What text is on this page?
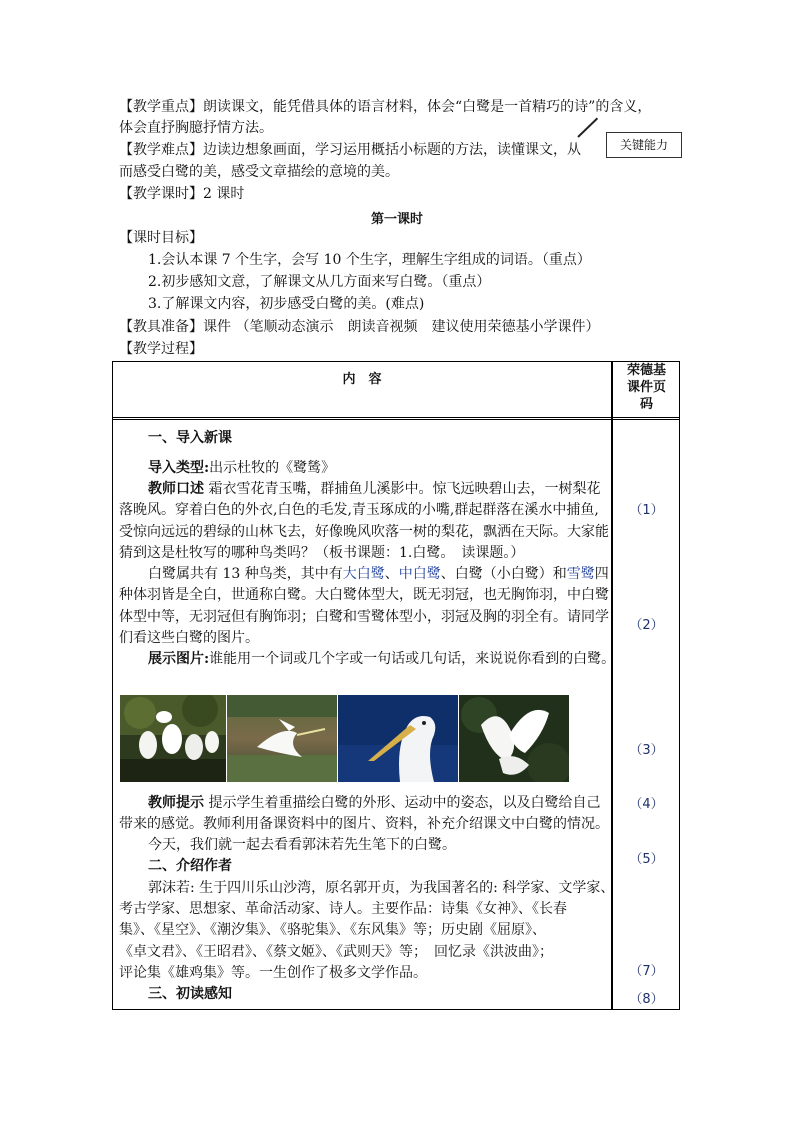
【教学重点】朗读课文，能凭借具体的语言材料，体会“白鹭是一首精巧的诗”的含义，
体会直抒胸臆抒情方法。
【教学难点】边读边想象画面，学习运用概括小标题的方法，读懂课文，从
而感受白鹭的美，感受文章描绘的意境的美。
关键能力
【教学课时】2 课时
第一课时
【课时目标】
1.会认本课 7 个生字，会写 10 个生字，理解生字组成的词语。（重点）
2.初步感知文意，了解课文从几方面来写白鹭。（重点）
3.了解课文内容，初步感受白鹭的美。(难点)
【教具准备】课件 （笔顺动态演示　朗读音视频　建议使用荣德基小学课件）
【教学过程】
内　容
荣德基
课件页
码
（1）
（2）
（3）
（4）
（5）
（7）
（8）
一、导入新课
导入类型:出示杜牧的《鹭鸶》
教师口述 霜衣雪花青玉嘴，群捕鱼儿溪影中。惊飞远映碧山去，一树梨花
落晚风。穿着白色的外衣,白色的毛发,青玉琢成的小嘴,群起群落在溪水中捕鱼,
受惊向远远的碧绿的山林飞去，好像晚风吹落一树的梨花，飘洒在天际。大家能
猜到这是杜牧写的哪种鸟类吗？（板书课题：1.白鹭。　读课题。）
白鹭属共有 13 种鸟类，其中有大白鹭、中白鹭、白鹭（小白鹭）和雪鹭四
种体羽皆是全白，世通称白鹭。大白鹭体型大，既无羽冠，也无胸饰羽，中白鹭
体型中等，无羽冠但有胸饰羽；白鹭和雪鹭体型小，羽冠及胸的羽全有。请同学
们看这些白鹭的图片。
展示图片:谁能用一个词或几个字或一句话或几句话，来说说你看到的白鹭。
教师提示 提示学生着重描绘白鹭的外形、运动中的姿态，以及白鹭给自己
带来的感觉。教师利用备课资料中的图片、资料，补充介绍课文中白鹭的情况。
今天，我们就一起去看看郭沫若先生笔下的白鹭。
二、介绍作者
郭沫若: 生于四川乐山沙湾，原名郭开贞，为我国著名的: 科学家、文学家、
考古学家、思想家、革命活动家、诗人。主要作品：诗集《女神》、《长春
集》、《星空》、《潮汐集》、《骆驼集》、《东风集》等；历史剧《屈原》、
《卓文君》、《王昭君》、《蔡文姬》、《武则天》等；　回忆录《洪波曲》；
评论集《雄鸡集》等。一生创作了极多文学作品。
三、初读感知
